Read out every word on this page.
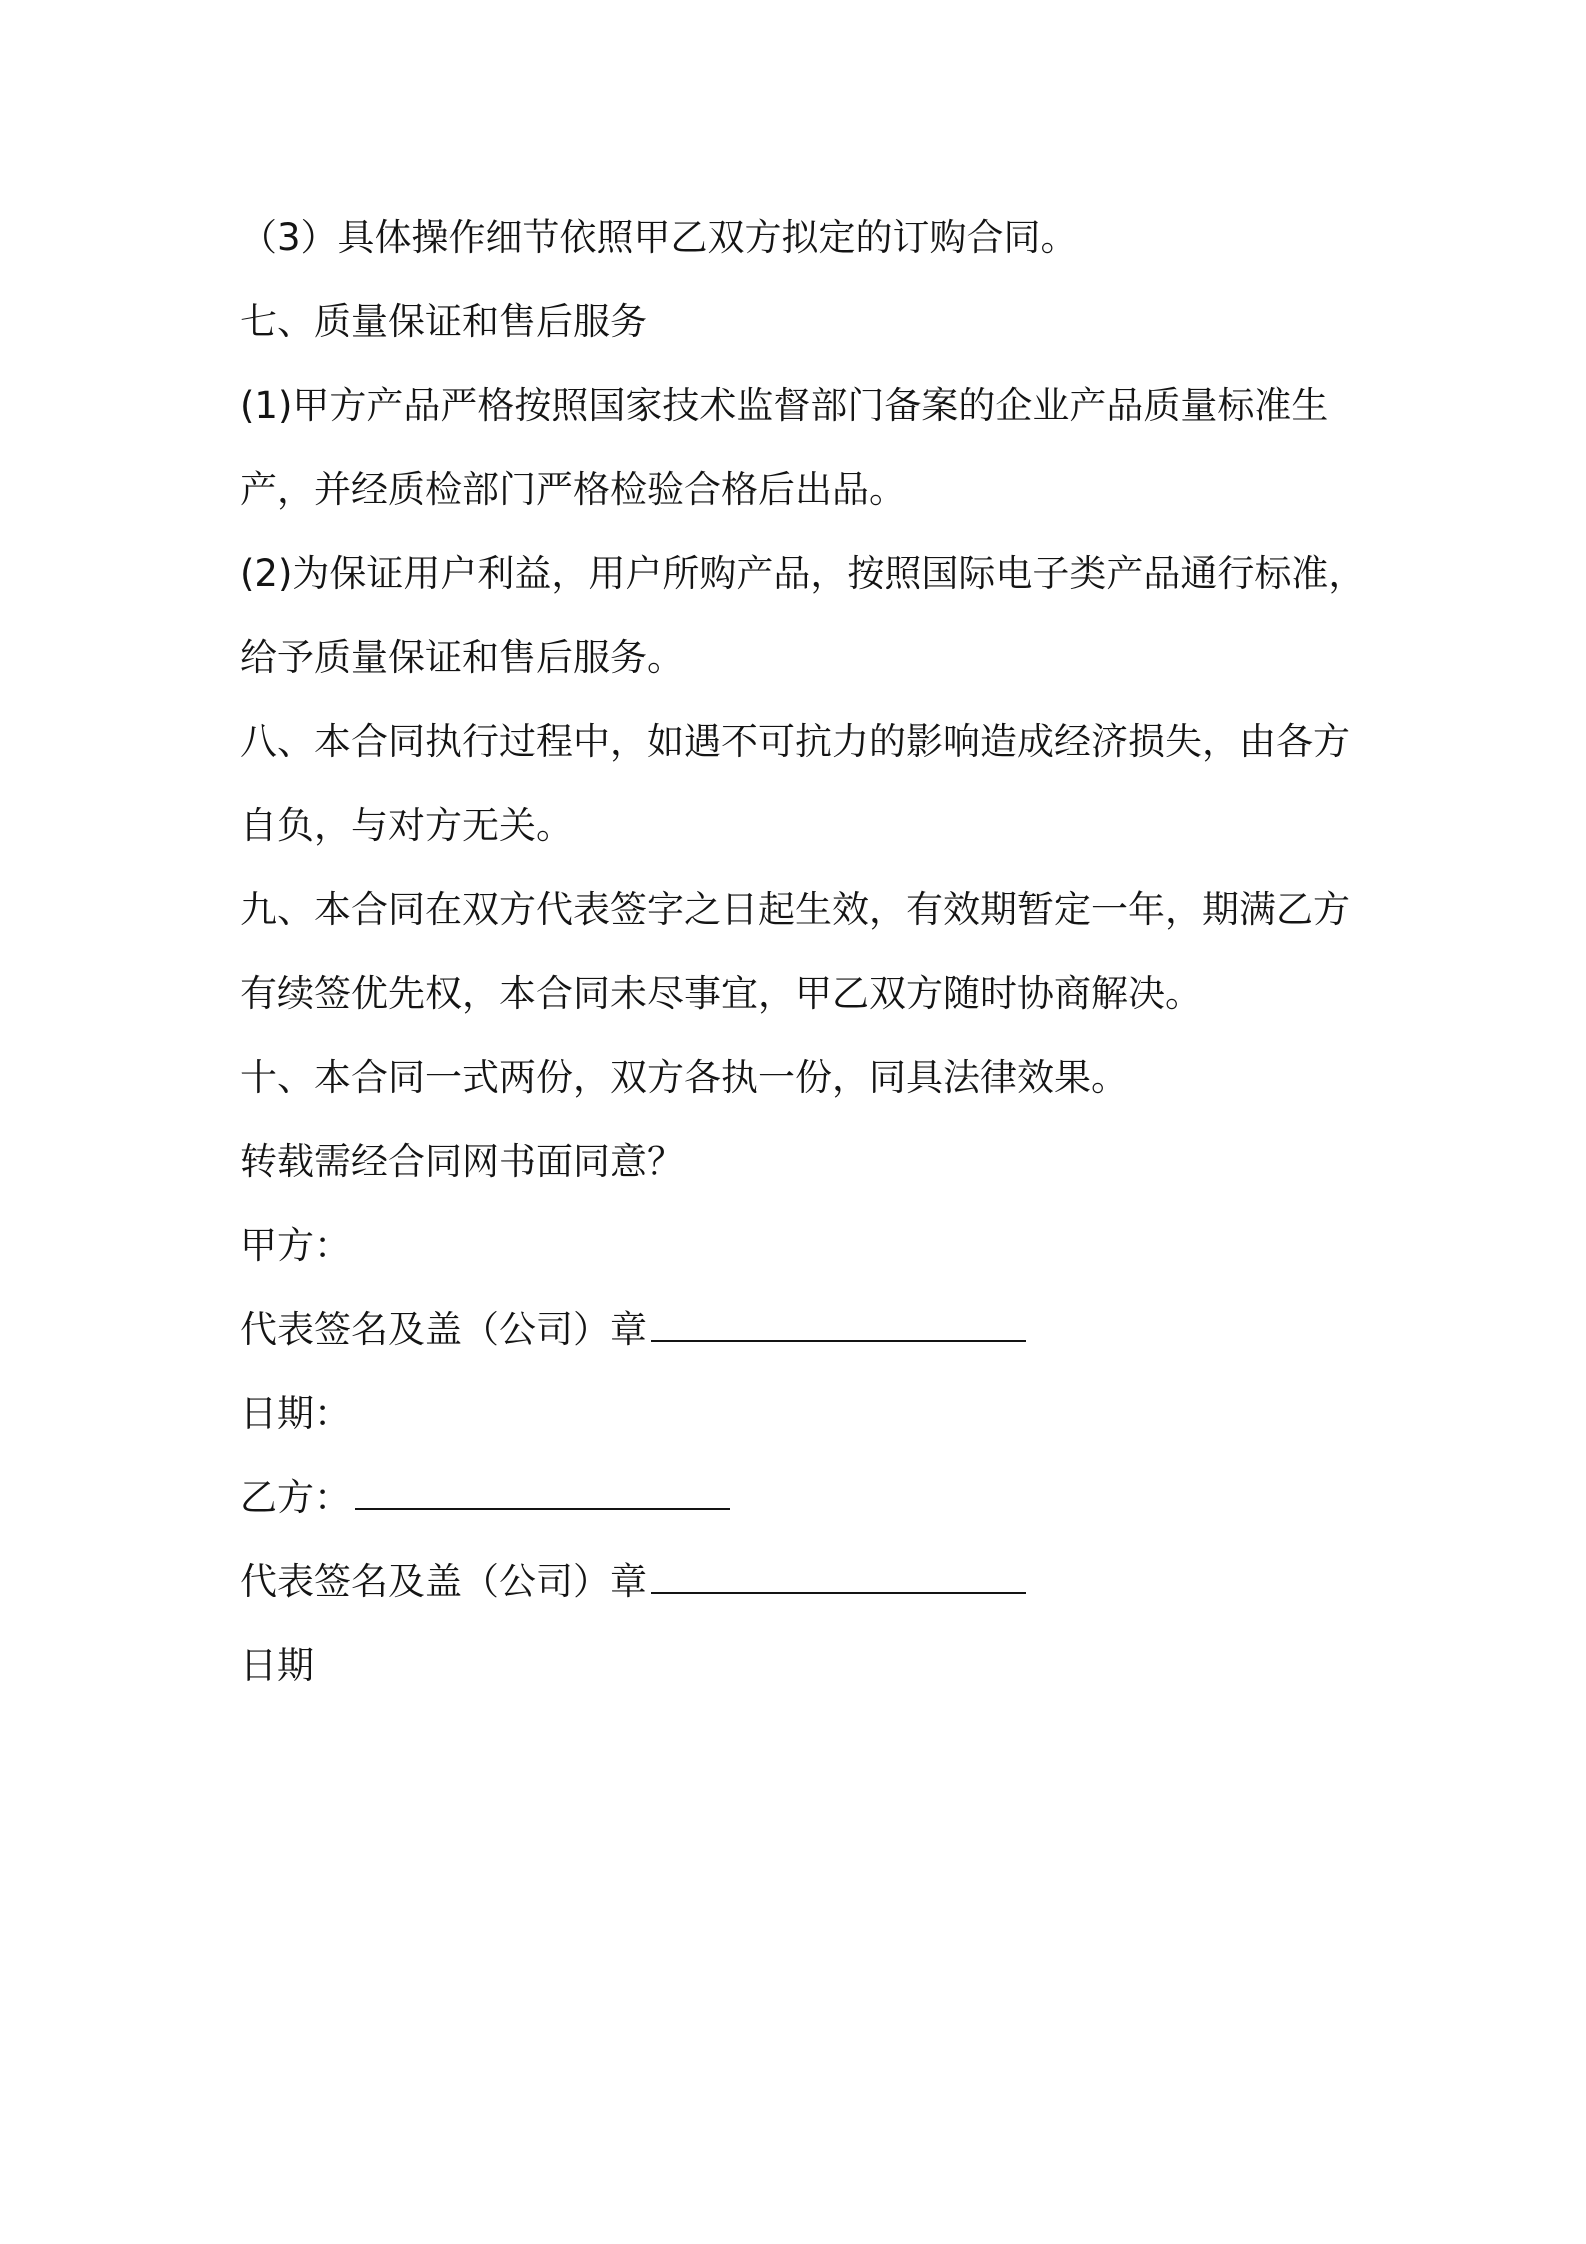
（3）具体操作细节依照甲乙双方拟定的订购合同。
七、质量保证和售后服务
(1)甲方产品严格按照国家技术监督部门备案的企业产品质量标准生
产，并经质检部门严格检验合格后出品。
(2)为保证用户利益，用户所购产品，按照国际电子类产品通行标准，
给予质量保证和售后服务。
八、本合同执行过程中，如遇不可抗力的影响造成经济损失，由各方
自负，与对方无关。
九、本合同在双方代表签字之日起生效，有效期暂定一年，期满乙方
有续签优先权，本合同未尽事宜，甲乙双方随时协商解决。
十、本合同一式两份，双方各执一份，同具法律效果。
转载需经合同网书面同意？
甲方：
代表签名及盖（公司）章
日期：
乙方：
代表签名及盖（公司）章
日期
